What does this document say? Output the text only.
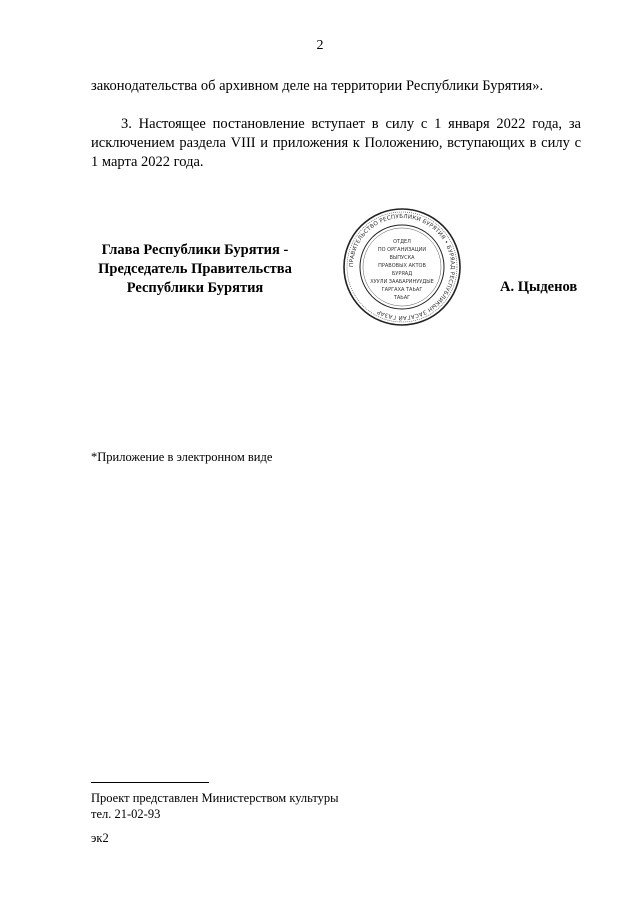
2
законодательства об архивном деле на территории Республики Бурятия».
3. Настоящее постановление вступает в силу с 1 января 2022 года, за исключением раздела VIII и приложения к Положению, вступающих в силу с 1 марта 2022 года.
Глава Республики Бурятия -
Председатель Правительства
Республики Бурятия
ПРАВИТЕЛЬСТВО РЕСПУБЛИКИ БУРЯТИЯ • БУРЯАД РЕСПУБЛИКЫН ЗАСАГАЙ ГАЗАР
ОТДЕЛ
ПО ОРГАНИЗАЦИИ
ВЫПУСКА
ПРАВОВЫХ АКТОВ
БУРЯАД
ХУУЛИ ЗААБАРИНУУДЫЕ
ГАРГАХА ТАЬАГ
ТАЬАГ
А. Цыденов
*Приложение в электронном виде
Проект представлен Министерством культуры
тел. 21-02-93
эк2
